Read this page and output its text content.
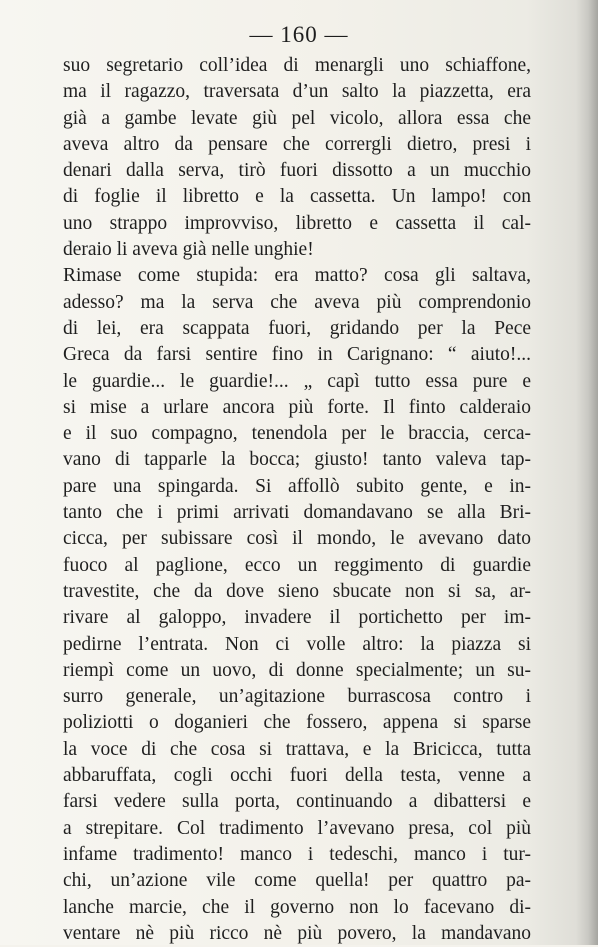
— 160 —
suo segretario coll’idea di menargli uno schiaffone,
ma il ragazzo, traversata d’un salto la piazzetta, era
già a gambe levate giù pel vicolo, allora essa che
aveva altro da pensare che corrergli dietro, presi i
denari dalla serva, tirò fuori dissotto a un mucchio
di foglie il libretto e la cassetta. Un lampo! con
uno strappo improvviso, libretto e cassetta il cal-
deraio li aveva già nelle unghie!
Rimase come stupida: era matto? cosa gli saltava,
adesso? ma la serva che aveva più comprendonio
di lei, era scappata fuori, gridando per la Pece
Greca da farsi sentire fino in Carignano: “ aiuto!...
le guardie... le guardie!... „ capì tutto essa pure e
si mise a urlare ancora più forte. Il finto calderaio
e il suo compagno, tenendola per le braccia, cerca-
vano di tapparle la bocca; giusto! tanto valeva tap-
pare una spingarda. Si affollò subito gente, e in-
tanto che i primi arrivati domandavano se alla Bri-
cicca, per subissare così il mondo, le avevano dato
fuoco al paglione, ecco un reggimento di guardie
travestite, che da dove sieno sbucate non si sa, ar-
rivare al galoppo, invadere il portichetto per im-
pedirne l’entrata. Non ci volle altro: la piazza si
riempì come un uovo, di donne specialmente; un su-
surro generale, un’agitazione burrascosa contro i
poliziotti o doganieri che fossero, appena si sparse
la voce di che cosa si trattava, e la Bricicca, tutta
abbaruffata, cogli occhi fuori della testa, venne a
farsi vedere sulla porta, continuando a dibattersi e
a strepitare. Col tradimento l’avevano presa, col più
infame tradimento! manco i tedeschi, manco i tur-
chi, un’azione vile come quella! per quattro pa-
lanche marcie, che il governo non lo facevano di-
ventare nè più ricco nè più povero, la mandavano
